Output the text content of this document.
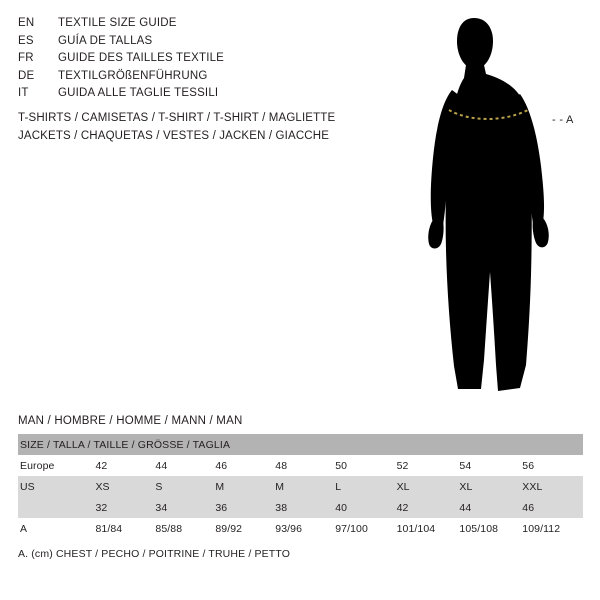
EN	TEXTILE SIZE GUIDE
ES	GUÍA DE TALLAS
FR	GUIDE DES TAILLES TEXTILE
DE	TEXTILGRÖßENFÜHRUNG
IT	GUIDA ALLE TAGLIE TESSILI
T-SHIRTS / CAMISETAS / T-SHIRT / T-SHIRT / MAGLIETTE
JACKETS / CHAQUETAS / VESTES / JACKEN / GIACCHE
- - A
MAN / HOMBRE / HOMME / MANN / MAN
SIZE / TALLA / TAILLE / GRÖSSE / TAGLIA								
Europe	42	44	46	48	50	52	54	56
US	XS	S	M	M	L	XL	XL	XXL
	32	34	36	38	40	42	44	46
A	81/84	85/88	89/92	93/96	97/100	101/104	105/108	109/112
A. (cm) CHEST / PECHO / POITRINE / TRUHE / PETTO
